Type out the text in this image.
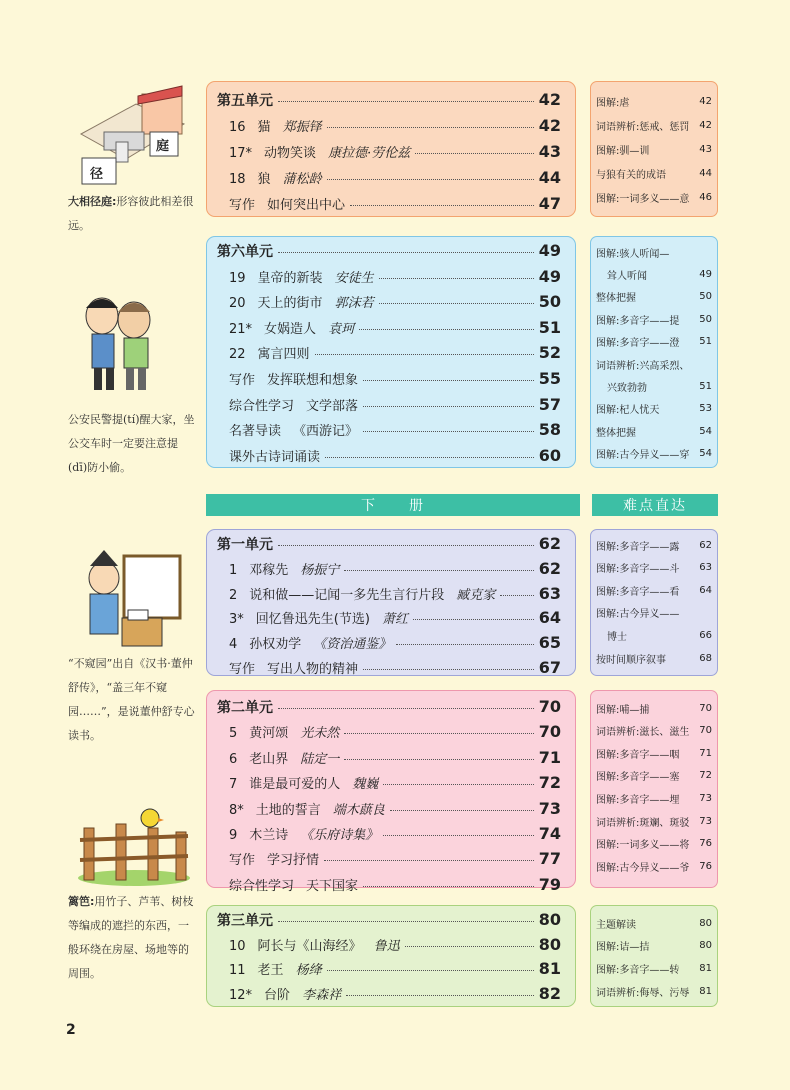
庭
径
大相径庭:形容彼此相差很远。
公安民警提(tí)醒大家，坐公交车时一定要注意提(dī)防小偷。
“不窥园”出自《汉书·董仲舒传》，“盖三年不窥园……”，是说董仲舒专心读书。
篱笆:用竹子、芦苇、树枝等编成的遮拦的东西，一般环绕在房屋、场地等的周围。
下　　册	难点直达
第五单元	42
16 猫 郑振铎	42
17* 动物笑谈 康拉德·劳伦兹	43
18 狼 蒲松龄	44
写作 如何突出中心	47
第六单元	49
19 皇帝的新装 安徒生	49
20 天上的街市 郭沫若	50
21* 女娲造人 袁珂	51
22 寓言四则	52
写作 发挥联想和想象	55
综合性学习 文学部落	57
名著导读 《西游记》	58
课外古诗词诵读	60
第一单元	62
1 邓稼先 杨振宁	62
2 说和做——记闻一多先生言行片段 臧克家	63
3* 回忆鲁迅先生(节选) 萧红	64
4 孙权劝学 《资治通鉴》	65
写作 写出人物的精神	67
第二单元	70
5 黄河颂 光未然	70
6 老山界 陆定一	71
7 谁是最可爱的人 魏巍	72
8* 土地的誓言 端木蕻良	73
9 木兰诗 《乐府诗集》	74
写作 学习抒情	77
综合性学习 天下国家	79
第三单元	80
10 阿长与《山海经》 鲁迅	80
11 老王 杨绛	81
12* 台阶 李森祥	82
图解:虐	42
词语辨析:惩戒、惩罚 42
图解:驯—训	43
与狼有关的成语	44
图解:一词多义——意 46
图解:骇人听闻—
耸人听闻	49
整体把握	50
图解:多音字——提	50
图解:多音字——澄	51
词语辨析:兴高采烈、
兴致勃勃	51
图解:杞人忧天	53
整体把握	54
图解:古今异义——穿 54
图解:多音字——露	62
图解:多音字——斗	63
图解:多音字——看	64
图解:古今异义——
博士	66
按时间顺序叙事	68
图解:哺—捕	70
词语辨析:滋长、滋生 70
图解:多音字——咽	71
图解:多音字——塞	72
图解:多音字——埋	73
词语辨析:斑斓、斑驳 73
图解:一词多义——将 76
图解:古今异义——爷 76
主题解读	80
图解:诘—拮	80
图解:多音字——转	81
词语辨析:侮辱、污辱 81
2
